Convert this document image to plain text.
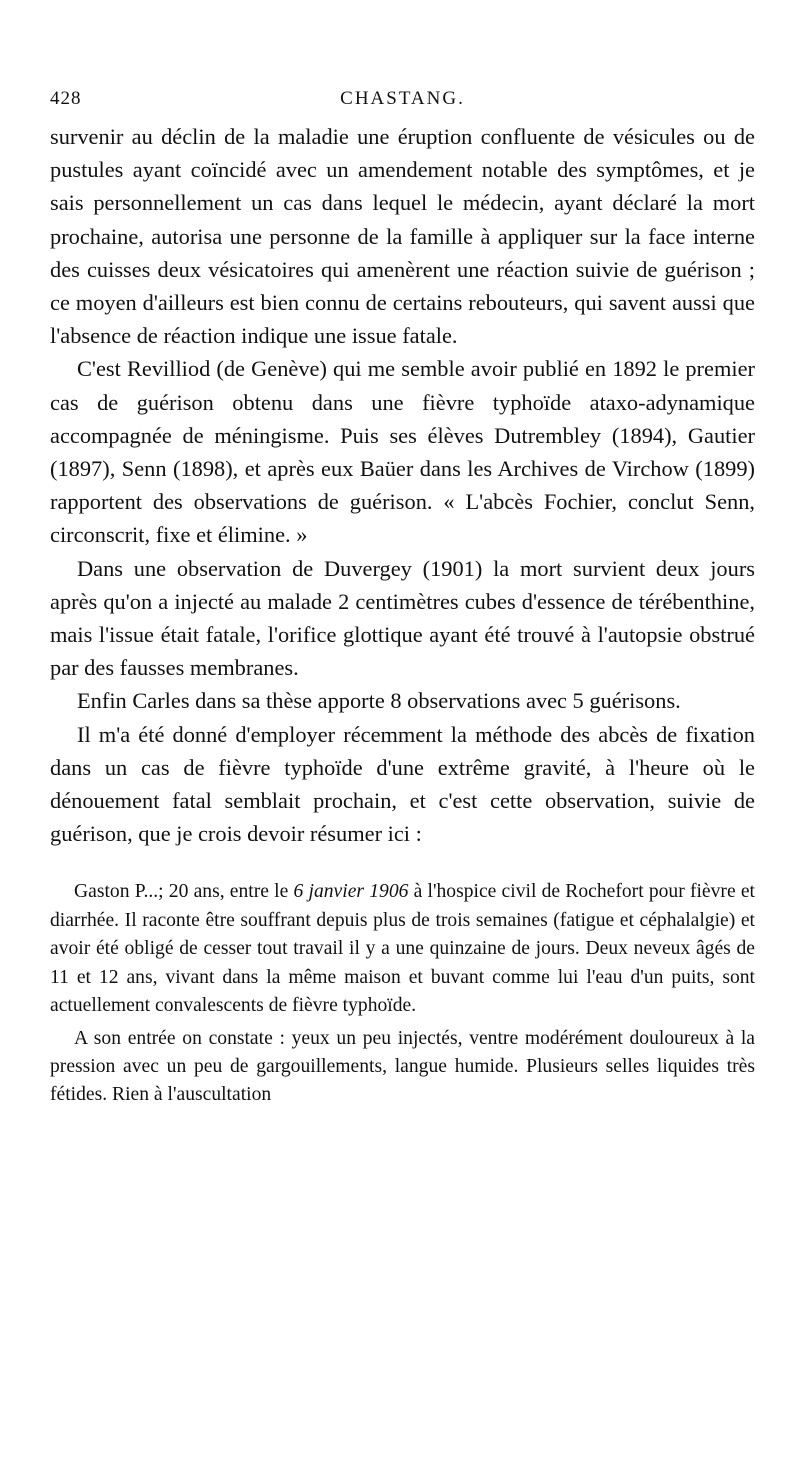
428	CHASTANG.

survenir au déclin de la maladie une éruption confluente de vésicules ou de pustules ayant coïncidé avec un amendement notable des symptômes, et je sais personnellement un cas dans lequel le médecin, ayant déclaré la mort prochaine, autorisa une personne de la famille à appliquer sur la face interne des cuisses deux vésicatoires qui amenèrent une réaction suivie de guérison ; ce moyen d'ailleurs est bien connu de certains rebouteurs, qui savent aussi que l'absence de réaction indique une issue fatale.

C'est Revilliod (de Genève) qui me semble avoir publié en 1892 le premier cas de guérison obtenu dans une fièvre typhoïde ataxo-adynamique accompagnée de méningisme. Puis ses élèves Dutrembley (1894), Gautier (1897), Senn (1898), et après eux Baüer dans les Archives de Virchow (1899) rapportent des observations de guérison. « L'abcès Fochier, conclut Senn, circonscrit, fixe et élimine. »

Dans une observation de Duvergey (1901) la mort survient deux jours après qu'on a injecté au malade 2 centimètres cubes d'essence de térébenthine, mais l'issue était fatale, l'orifice glottique ayant été trouvé à l'autopsie obstrué par des fausses membranes.

Enfin Carles dans sa thèse apporte 8 observations avec 5 guérisons.

Il m'a été donné d'employer récemment la méthode des abcès de fixation dans un cas de fièvre typhoïde d'une extrême gravité, à l'heure où le dénouement fatal semblait prochain, et c'est cette observation, suivie de guérison, que je crois devoir résumer ici :

Gaston P...; 20 ans, entre le 6 janvier 1906 à l'hospice civil de Rochefort pour fièvre et diarrhée. Il raconte être souffrant depuis plus de trois semaines (fatigue et céphalalgie) et avoir été obligé de cesser tout travail il y a une quinzaine de jours. Deux neveux âgés de 11 et 12 ans, vivant dans la même maison et buvant comme lui l'eau d'un puits, sont actuellement convalescents de fièvre typhoïde.

A son entrée on constate : yeux un peu injectés, ventre modérément douloureux à la pression avec un peu de gargouillements, langue humide. Plusieurs selles liquides très fétides. Rien à l'auscultation
